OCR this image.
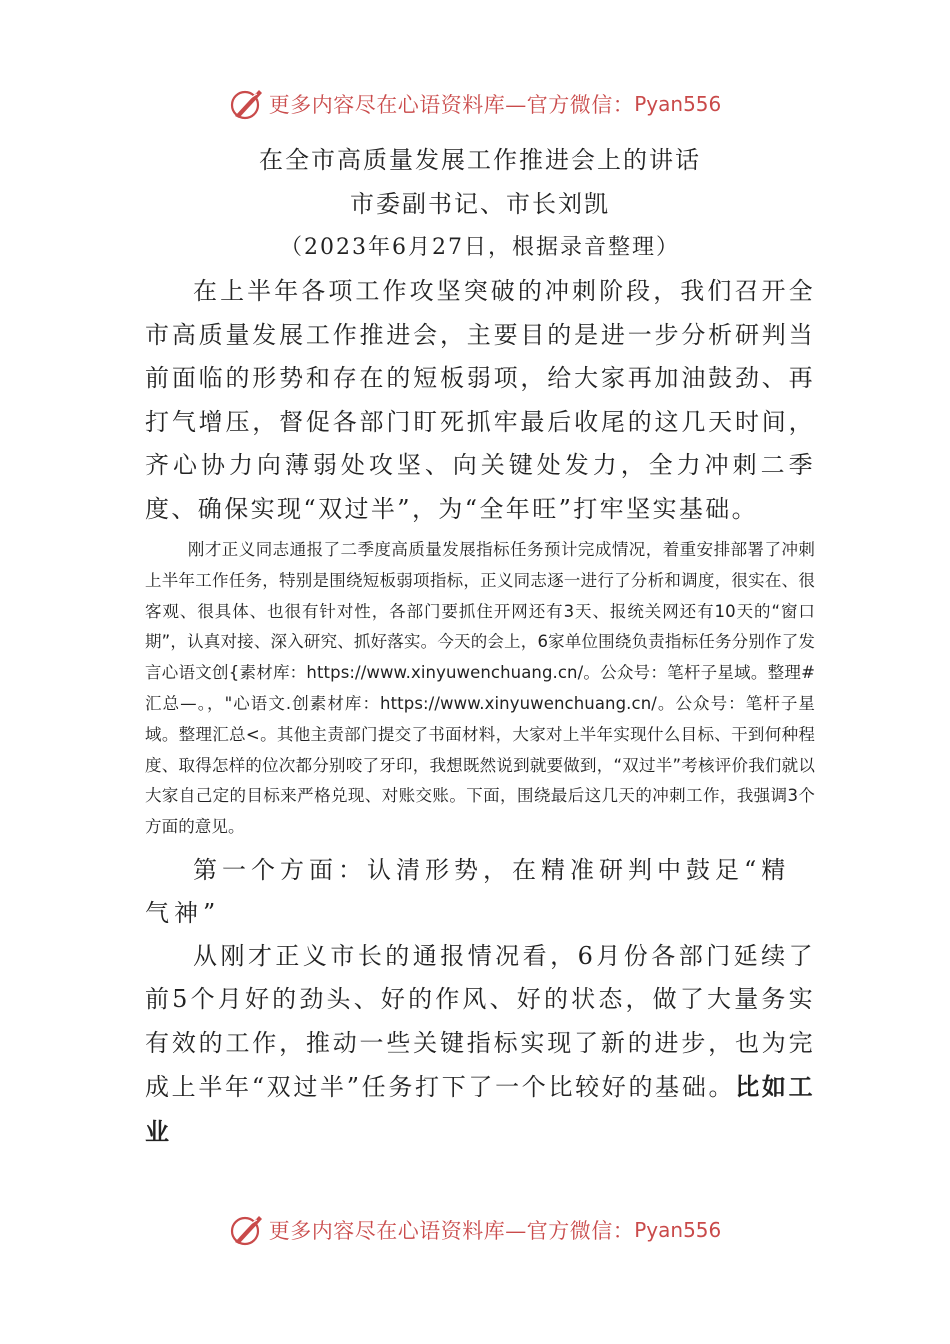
更多内容尽在心语资料库—官方微信： Pyan556

在全市高质量发展工作推进会上的讲话

市委副书记、市长刘凯

（2023年6月27日，根据录音整理）

在上半年各项工作攻坚突破的冲刺阶段，我们召开全市高质量发展工作推进会，主要目的是进一步分析研判当前面临的形势和存在的短板弱项，给大家再加油鼓劲、再打气增压，督促各部门盯死抓牢最后收尾的这几天时间，齐心协力向薄弱处攻坚、向关键处发力，全力冲刺二季度、确保实现“双过半”，为“全年旺”打牢坚实基础。

刚才正义同志通报了二季度高质量发展指标任务预计完成情况，着重安排部署了冲刺上半年工作任务，特别是围绕短板弱项指标，正义同志逐一进行了分析和调度，很实在、很客观、很具体、也很有针对性，各部门要抓住开网还有3天、报统关网还有10天的“窗口期”，认真对接、深入研究、抓好落实。今天的会上，6家单位围绕负责指标任务分别作了发言心语文创{素材库：https://www.xinyuwenchuang.cn/。公众号：笔杆子星域。整理#汇总—。，"心语文.创素材库：https://www.xinyuwenchuang.cn/。公众号：笔杆子星域。整理汇总<。其他主责部门提交了书面材料，大家对上半年实现什么目标、干到何种程度、取得怎样的位次都分别咬了牙印，我想既然说到就要做到，“双过半”考核评价我们就以大家自己定的目标来严格兑现、对账交账。下面，围绕最后这几天的冲刺工作，我强调3个方面的意见。

第一个方面：认清形势，在精准研判中鼓足“精气神”

从刚才正义市长的通报情况看，6月份各部门延续了前5个月好的劲头、好的作风、好的状态，做了大量务实有效的工作，推动一些关键指标实现了新的进步，也为完成上半年“双过半”任务打下了一个比较好的基础。比如工业

更多内容尽在心语资料库—官方微信： Pyan556
